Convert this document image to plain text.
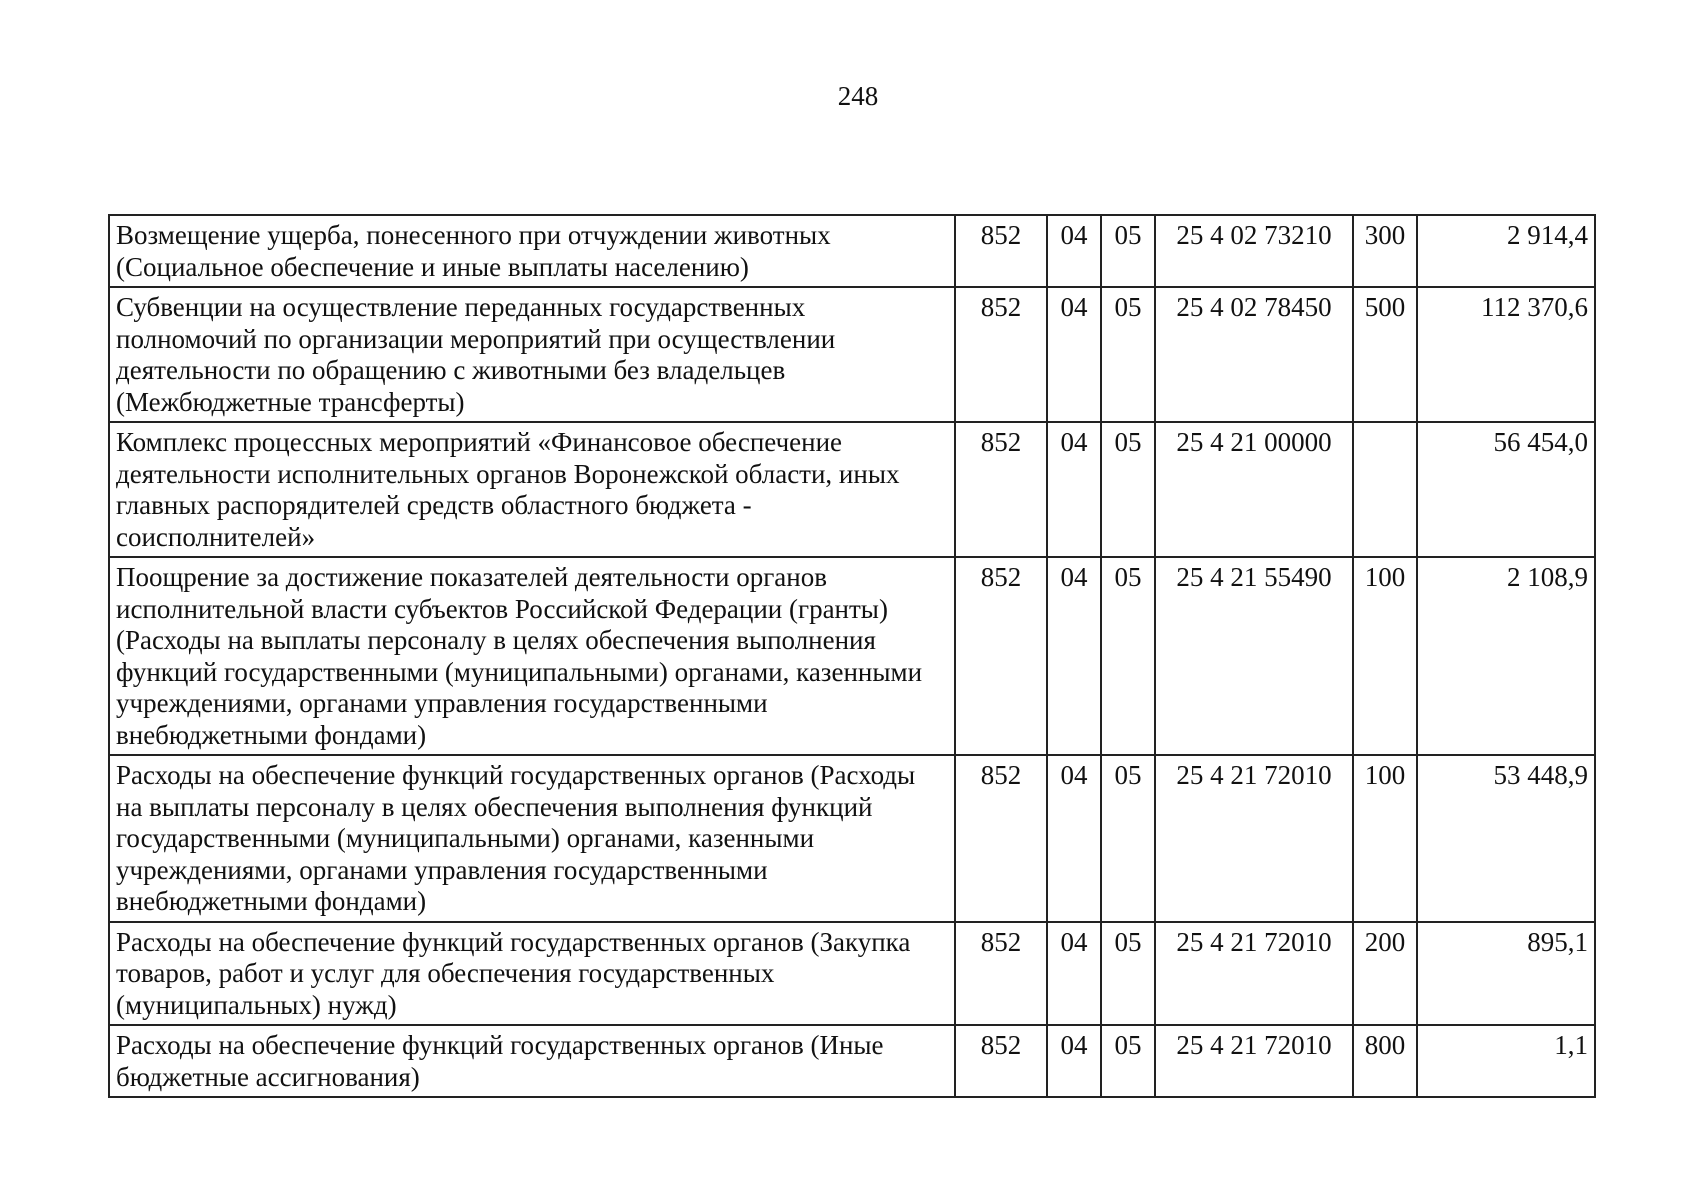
248
Возмещение ущерба, понесенного при отчуждении животных (Социальное обеспечение и иные выплаты населению)	852	04	05	25 4 02 73210	300	2 914,4
Субвенции на осуществление переданных государственных полномочий по организации мероприятий при осуществлении деятельности по обращению с животными без владельцев (Межбюджетные трансферты)	852	04	05	25 4 02 78450	500	112 370,6
Комплекс процессных мероприятий «Финансовое обеспечение деятельности исполнительных органов Воронежской области, иных главных распорядителей средств областного бюджета - соисполнителей»	852	04	05	25 4 21 00000		56 454,0
Поощрение за достижение показателей деятельности органов исполнительной власти субъектов Российской Федерации (гранты) (Расходы на выплаты персоналу в целях обеспечения выполнения функций государственными (муниципальными) органами, казенными учреждениями, органами управления государственными внебюджетными фондами)	852	04	05	25 4 21 55490	100	2 108,9
Расходы на обеспечение функций государственных органов (Расходы на выплаты персоналу в целях обеспечения выполнения функций государственными (муниципальными) органами, казенными учреждениями, органами управления государственными внебюджетными фондами)	852	04	05	25 4 21 72010	100	53 448,9
Расходы на обеспечение функций государственных органов (Закупка товаров, работ и услуг для обеспечения государственных (муниципальных) нужд)	852	04	05	25 4 21 72010	200	895,1
Расходы на обеспечение функций государственных органов (Иные бюджетные ассигнования)	852	04	05	25 4 21 72010	800	1,1
